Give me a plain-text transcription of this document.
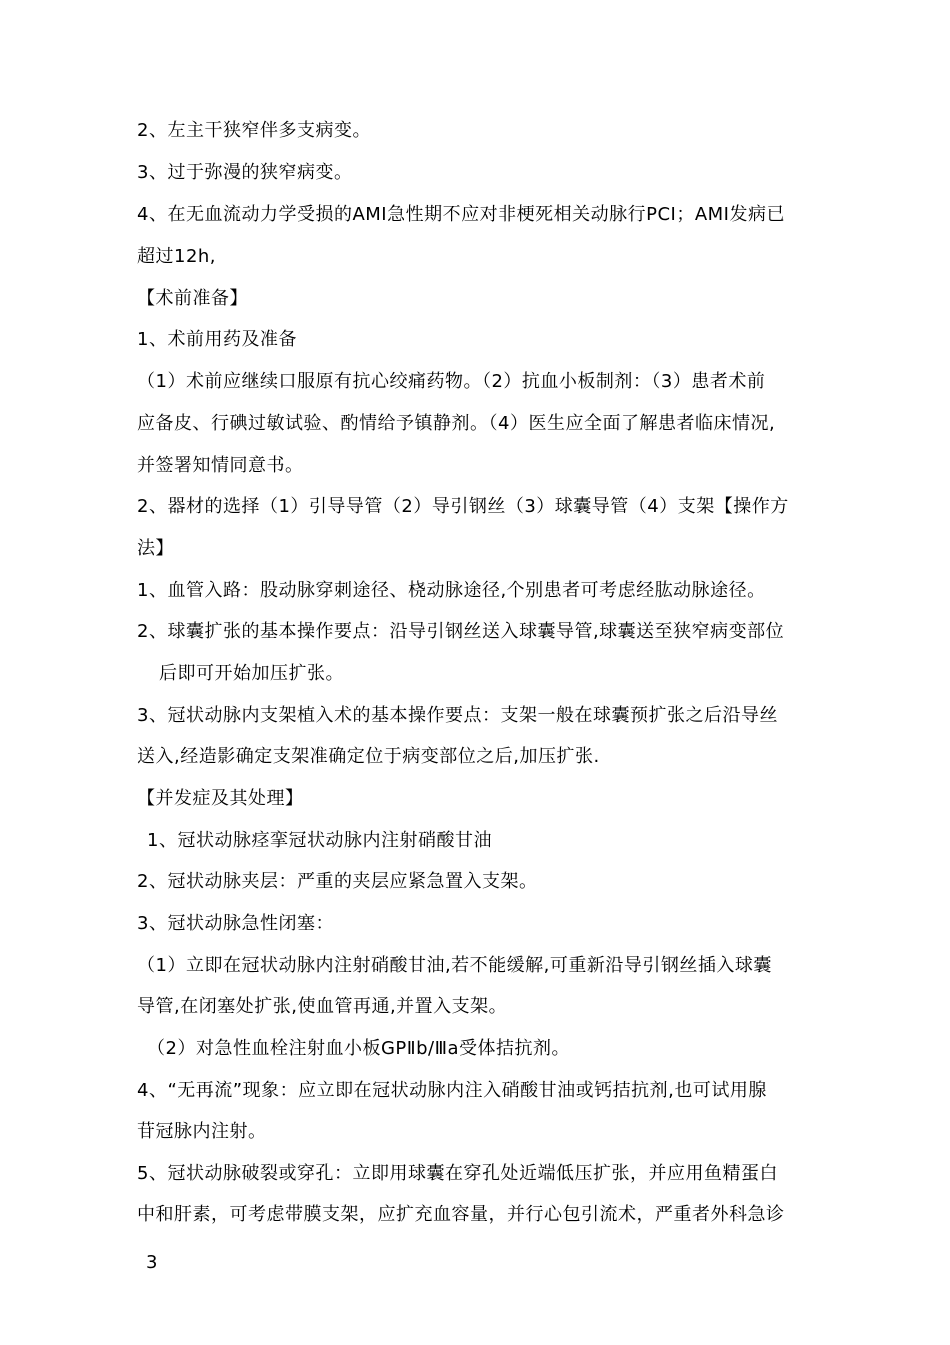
2、左主干狭窄伴多支病变。
3、过于弥漫的狭窄病变。
4、在无血流动力学受损的AMI急性期不应对非梗死相关动脉行PCI；AMI发病已
超过12h,
【术前准备】
1、术前用药及准备
（1）术前应继续口服原有抗心绞痛药物。（2）抗血小板制剂：（3）患者术前
应备皮、行碘过敏试验、酌情给予镇静剂。（4）医生应全面了解患者临床情况,
并签署知情同意书。
2、器材的选择（1）引导导管（2）导引钢丝（3）球囊导管（4）支架【操作方
法】
1、血管入路：股动脉穿刺途径、桡动脉途径,个别患者可考虑经肱动脉途径。
2、球囊扩张的基本操作要点：沿导引钢丝送入球囊导管,球囊送至狭窄病变部位
后即可开始加压扩张。
3、冠状动脉内支架植入术的基本操作要点：支架一般在球囊预扩张之后沿导丝
送入,经造影确定支架准确定位于病变部位之后,加压扩张.
【并发症及其处理】
1、冠状动脉痉挛冠状动脉内注射硝酸甘油
2、冠状动脉夹层：严重的夹层应紧急置入支架。
3、冠状动脉急性闭塞：
（1）立即在冠状动脉内注射硝酸甘油,若不能缓解,可重新沿导引钢丝插入球囊
导管,在闭塞处扩张,使血管再通,并置入支架。
（2）对急性血栓注射血小板GPⅡb/Ⅲa受体拮抗剂。
4、“无再流”现象：应立即在冠状动脉内注入硝酸甘油或钙拮抗剂,也可试用腺
苷冠脉内注射。
5、冠状动脉破裂或穿孔：立即用球囊在穿孔处近端低压扩张，并应用鱼精蛋白
中和肝素，可考虑带膜支架，应扩充血容量，并行心包引流术，严重者外科急诊
3
